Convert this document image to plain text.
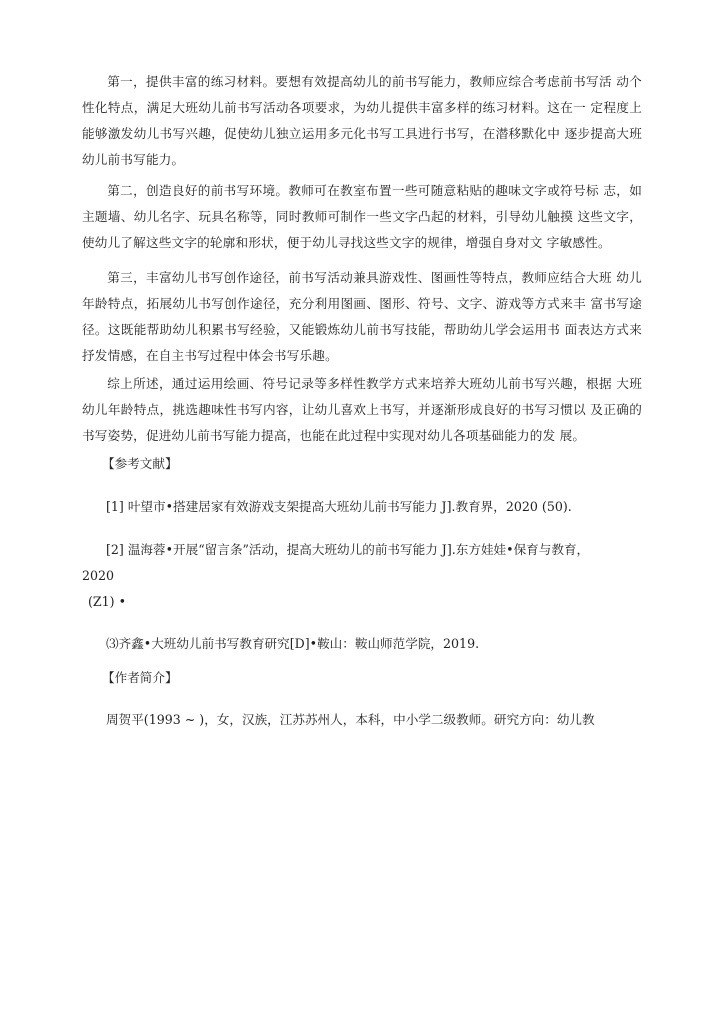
第一，提供丰富的练习材料。要想有效提高幼儿的前书写能力，教师应综合考虑前书写活 动个性化特点，满足大班幼儿前书写活动各项要求，为幼儿提供丰富多样的练习材料。这在一 定程度上能够激发幼儿书写兴趣，促使幼儿独立运用多元化书写工具进行书写，在潜移默化中 逐步提高大班幼儿前书写能力。

第二，创造良好的前书写环境。教师可在教室布置一些可随意粘贴的趣味文字或符号标 志，如主题墙、幼儿名字、玩具名称等，同时教师可制作一些文字凸起的材料，引导幼儿触摸 这些文字，使幼儿了解这些文字的轮廓和形状，便于幼儿寻找这些文字的规律，增强自身对文 字敏感性。

第三，丰富幼儿书写创作途径，前书写活动兼具游戏性、图画性等特点，教师应结合大班 幼儿年龄特点，拓展幼儿书写创作途径，充分利用图画、图形、符号、文字、游戏等方式来丰 富书写途径。这既能帮助幼儿积累书写经验，又能锻炼幼儿前书写技能，帮助幼儿学会运用书 面表达方式来抒发情感，在自主书写过程中体会书写乐趣。

综上所述，通过运用绘画、符号记录等多样性教学方式来培养大班幼儿前书写兴趣，根据 大班幼儿年龄特点，挑选趣味性书写内容，让幼儿喜欢上书写，并逐渐形成良好的书写习惯以 及正确的书写姿势，促进幼儿前书写能力提高，也能在此过程中实现对幼儿各项基础能力的发 展。

【参考文献】

[1] 叶望市•搭建居家有效游戏支架提高大班幼儿前书写能力 J].教育界，2020 (50).

[2] 温海蓉•开展“留言条”活动，提高大班幼儿的前书写能力 J].东方娃娃•保育与教育，

2020

(Z1) •

⑶齐鑫•大班幼儿前书写教育研究[D]•鞍山：鞍山师范学院，2019.

【作者简介】

周贺平(1993 ~ )，女，汉族，江苏苏州人，本科，中小学二级教师。研究方向：幼儿教
